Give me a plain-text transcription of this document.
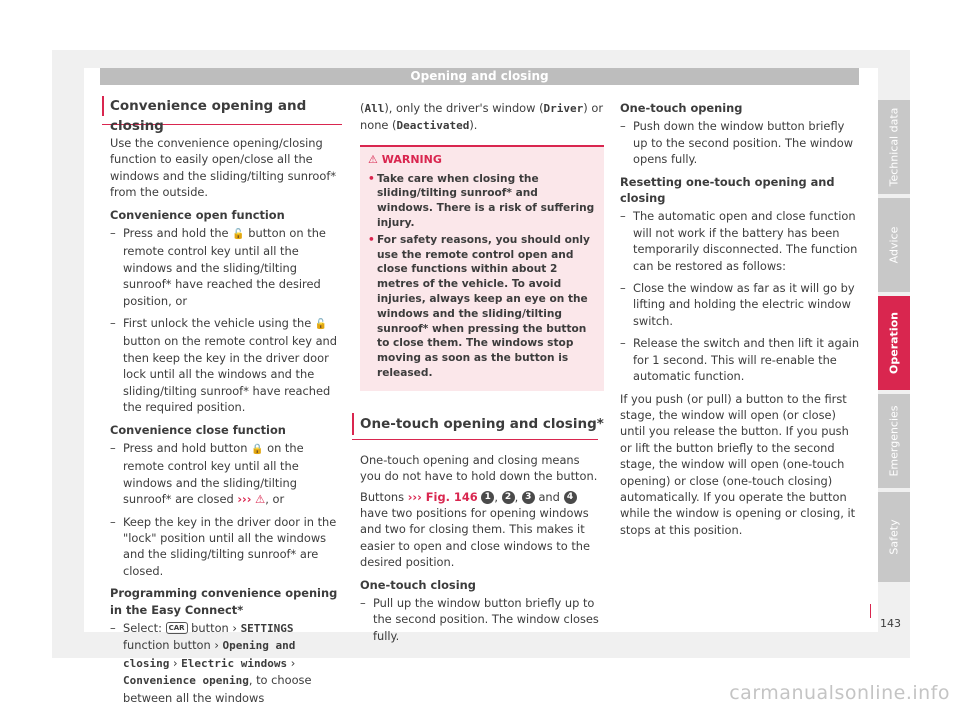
Opening and closing
Convenience opening and closing

Use the convenience opening/closing function to easily open/close all the windows and the sliding/tilting sunroof* from the outside.

Convenience open function
– Press and hold the 🔓 button on the remote control key until all the windows and the sliding/tilting sunroof* have reached the desired position, or
– First unlock the vehicle using the 🔓 button on the remote control key and then keep the key in the driver door lock until all the windows and the sliding/tilting sunroof* have reached the required position.
Convenience close function
– Press and hold button 🔒 on the remote control key until all the windows and the sliding/tilting sunroof* are closed ››› ⚠, or
– Keep the key in the driver door in the "lock" position until all the windows and the sliding/tilting sunroof* are closed.
Programming convenience opening in the Easy Connect*
– Select: CAR button › SETTINGS function button › Opening and closing › Electric windows › Convenience opening, to choose between all the windows

(All), only the driver's window (Driver) or none (Deactivated).

⚠ WARNING
• Take care when closing the sliding/tilting sunroof* and windows. There is a risk of suffering injury.
• For safety reasons, you should only use the remote control open and close functions within about 2 metres of the vehicle. To avoid injuries, always keep an eye on the windows and the sliding/tilting sunroof* when pressing the button to close them. The windows stop moving as soon as the button is released.
One-touch opening and closing*

One-touch opening and closing means you do not have to hold down the button.

Buttons ››› Fig. 146 1 , 2 , 3 and 4 have two positions for opening windows and two for closing them. This makes it easier to open and close windows to the desired position.

One-touch closing
– Pull up the window button briefly up to the second position. The window closes fully.
One-touch opening
– Push down the window button briefly up to the second position. The window opens fully.
Resetting one-touch opening and closing
– The automatic open and close function will not work if the battery has been temporarily disconnected. The function can be restored as follows:
– Close the window as far as it will go by lifting and holding the electric window switch.
– Release the switch and then lift it again for 1 second. This will re-enable the automatic function.

If you push (or pull) a button to the first stage, the window will open (or close) until you release the button. If you push or lift the button briefly to the second stage, the window will open (one-touch opening) or close (one-touch closing) automatically. If you operate the button while the window is opening or closing, it stops at this position.

Technical data
Advice
Operation
Emergencies
Safety
143
carmanualsonline.info
